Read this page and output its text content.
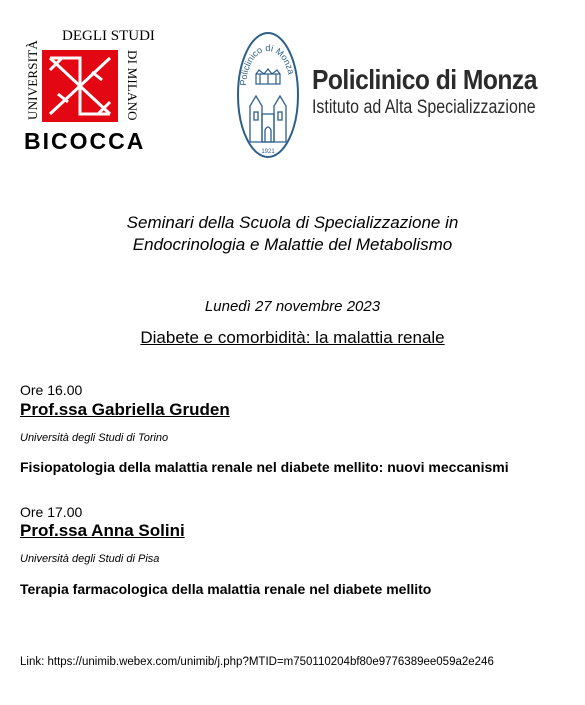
DEGLI STUDI
UNIVERSITÀ	DI MILANO
BICOCCA
Policlinico di Monza
1921
Policlinico di Monza
Istituto ad Alta Specializzazione
Seminari della Scuola di Specializzazione in
Endocrinologia e Malattie del Metabolismo
Lunedì 27 novembre 2023
Diabete e comorbidità: la malattia renale
Ore 16.00
Prof.ssa Gabriella Gruden
Università degli Studi di Torino
Fisiopatologia della malattia renale nel diabete mellito: nuovi meccanismi
Ore 17.00
Prof.ssa Anna Solini
Università degli Studi di Pisa
Terapia farmacologica della malattia renale nel diabete mellito
Link: https://unimib.webex.com/unimib/j.php?MTID=m750110204bf80e9776389ee059a2e246
